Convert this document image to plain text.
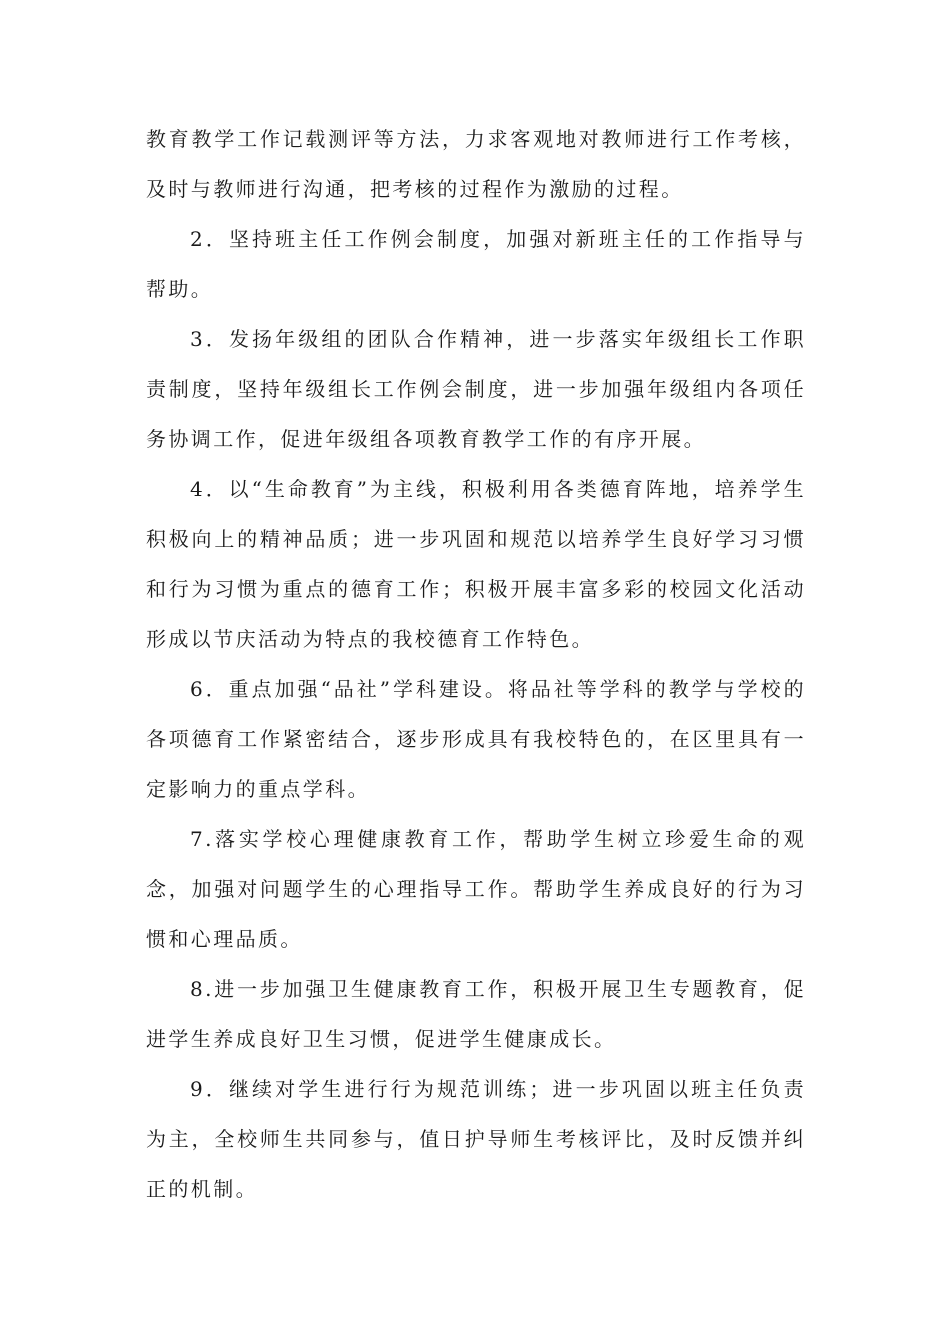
教育教学工作记载测评等方法，力求客观地对教师进行工作考核，及时与教师进行沟通，把考核的过程作为激励的过程。

2．坚持班主任工作例会制度，加强对新班主任的工作指导与帮助。

3．发扬年级组的团队合作精神，进一步落实年级组长工作职责制度，坚持年级组长工作例会制度，进一步加强年级组内各项任务协调工作，促进年级组各项教育教学工作的有序开展。

4．以“生命教育”为主线，积极利用各类德育阵地，培养学生积极向上的精神品质；进一步巩固和规范以培养学生良好学习习惯和行为习惯为重点的德育工作；积极开展丰富多彩的校园文化活动形成以节庆活动为特点的我校德育工作特色。

6．重点加强“品社”学科建设。将品社等学科的教学与学校的各项德育工作紧密结合，逐步形成具有我校特色的，在区里具有一定影响力的重点学科。

7.落实学校心理健康教育工作，帮助学生树立珍爱生命的观念，加强对问题学生的心理指导工作。帮助学生养成良好的行为习惯和心理品质。

8.进一步加强卫生健康教育工作，积极开展卫生专题教育，促进学生养成良好卫生习惯，促进学生健康成长。

9．继续对学生进行行为规范训练；进一步巩固以班主任负责为主，全校师生共同参与，值日护导师生考核评比，及时反馈并纠正的机制。
